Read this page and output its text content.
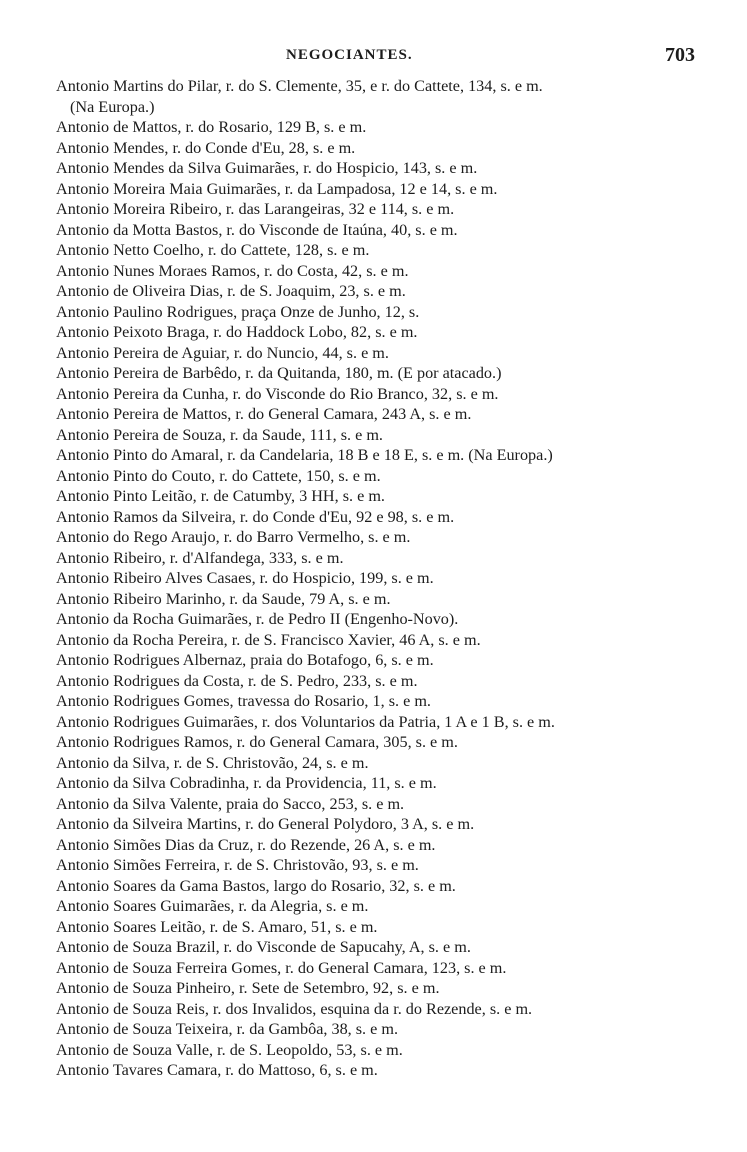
NEGOCIANTES.	703
Antonio Martins do Pilar, r. do S. Clemente, 35, e r. do Cattete, 134, s. e m.
(Na Europa.)
Antonio de Mattos, r. do Rosario, 129 B, s. e m.
Antonio Mendes, r. do Conde d'Eu, 28, s. e m.
Antonio Mendes da Silva Guimarães, r. do Hospicio, 143, s. e m.
Antonio Moreira Maia Guimarães, r. da Lampadosa, 12 e 14, s. e m.
Antonio Moreira Ribeiro, r. das Larangeiras, 32 e 114, s. e m.
Antonio da Motta Bastos, r. do Visconde de Itaúna, 40, s. e m.
Antonio Netto Coelho, r. do Cattete, 128, s. e m.
Antonio Nunes Moraes Ramos, r. do Costa, 42, s. e m.
Antonio de Oliveira Dias, r. de S. Joaquim, 23, s. e m.
Antonio Paulino Rodrigues, praça Onze de Junho, 12, s.
Antonio Peixoto Braga, r. do Haddock Lobo, 82, s. e m.
Antonio Pereira de Aguiar, r. do Nuncio, 44, s. e m.
Antonio Pereira de Barbêdo, r. da Quitanda, 180, m. (E por atacado.)
Antonio Pereira da Cunha, r. do Visconde do Rio Branco, 32, s. e m.
Antonio Pereira de Mattos, r. do General Camara, 243 A, s. e m.
Antonio Pereira de Souza, r. da Saude, 111, s. e m.
Antonio Pinto do Amaral, r. da Candelaria, 18 B e 18 E, s. e m. (Na Europa.)
Antonio Pinto do Couto, r. do Cattete, 150, s. e m.
Antonio Pinto Leitão, r. de Catumby, 3 HH, s. e m.
Antonio Ramos da Silveira, r. do Conde d'Eu, 92 e 98, s. e m.
Antonio do Rego Araujo, r. do Barro Vermelho, s. e m.
Antonio Ribeiro, r. d'Alfandega, 333, s. e m.
Antonio Ribeiro Alves Casaes, r. do Hospicio, 199, s. e m.
Antonio Ribeiro Marinho, r. da Saude, 79 A, s. e m.
Antonio da Rocha Guimarães, r. de Pedro II (Engenho-Novo).
Antonio da Rocha Pereira, r. de S. Francisco Xavier, 46 A, s. e m.
Antonio Rodrigues Albernaz, praia do Botafogo, 6, s. e m.
Antonio Rodrigues da Costa, r. de S. Pedro, 233, s. e m.
Antonio Rodrigues Gomes, travessa do Rosario, 1, s. e m.
Antonio Rodrigues Guimarães, r. dos Voluntarios da Patria, 1 A e 1 B, s. e m.
Antonio Rodrigues Ramos, r. do General Camara, 305, s. e m.
Antonio da Silva, r. de S. Christovão, 24, s. e m.
Antonio da Silva Cobradinha, r. da Providencia, 11, s. e m.
Antonio da Silva Valente, praia do Sacco, 253, s. e m.
Antonio da Silveira Martins, r. do General Polydoro, 3 A, s. e m.
Antonio Simões Dias da Cruz, r. do Rezende, 26 A, s. e m.
Antonio Simões Ferreira, r. de S. Christovão, 93, s. e m.
Antonio Soares da Gama Bastos, largo do Rosario, 32, s. e m.
Antonio Soares Guimarães, r. da Alegria, s. e m.
Antonio Soares Leitão, r. de S. Amaro, 51, s. e m.
Antonio de Souza Brazil, r. do Visconde de Sapucahy, A, s. e m.
Antonio de Souza Ferreira Gomes, r. do General Camara, 123, s. e m.
Antonio de Souza Pinheiro, r. Sete de Setembro, 92, s. e m.
Antonio de Souza Reis, r. dos Invalidos, esquina da r. do Rezende, s. e m.
Antonio de Souza Teixeira, r. da Gambôa, 38, s. e m.
Antonio de Souza Valle, r. de S. Leopoldo, 53, s. e m.
Antonio Tavares Camara, r. do Mattoso, 6, s. e m.
